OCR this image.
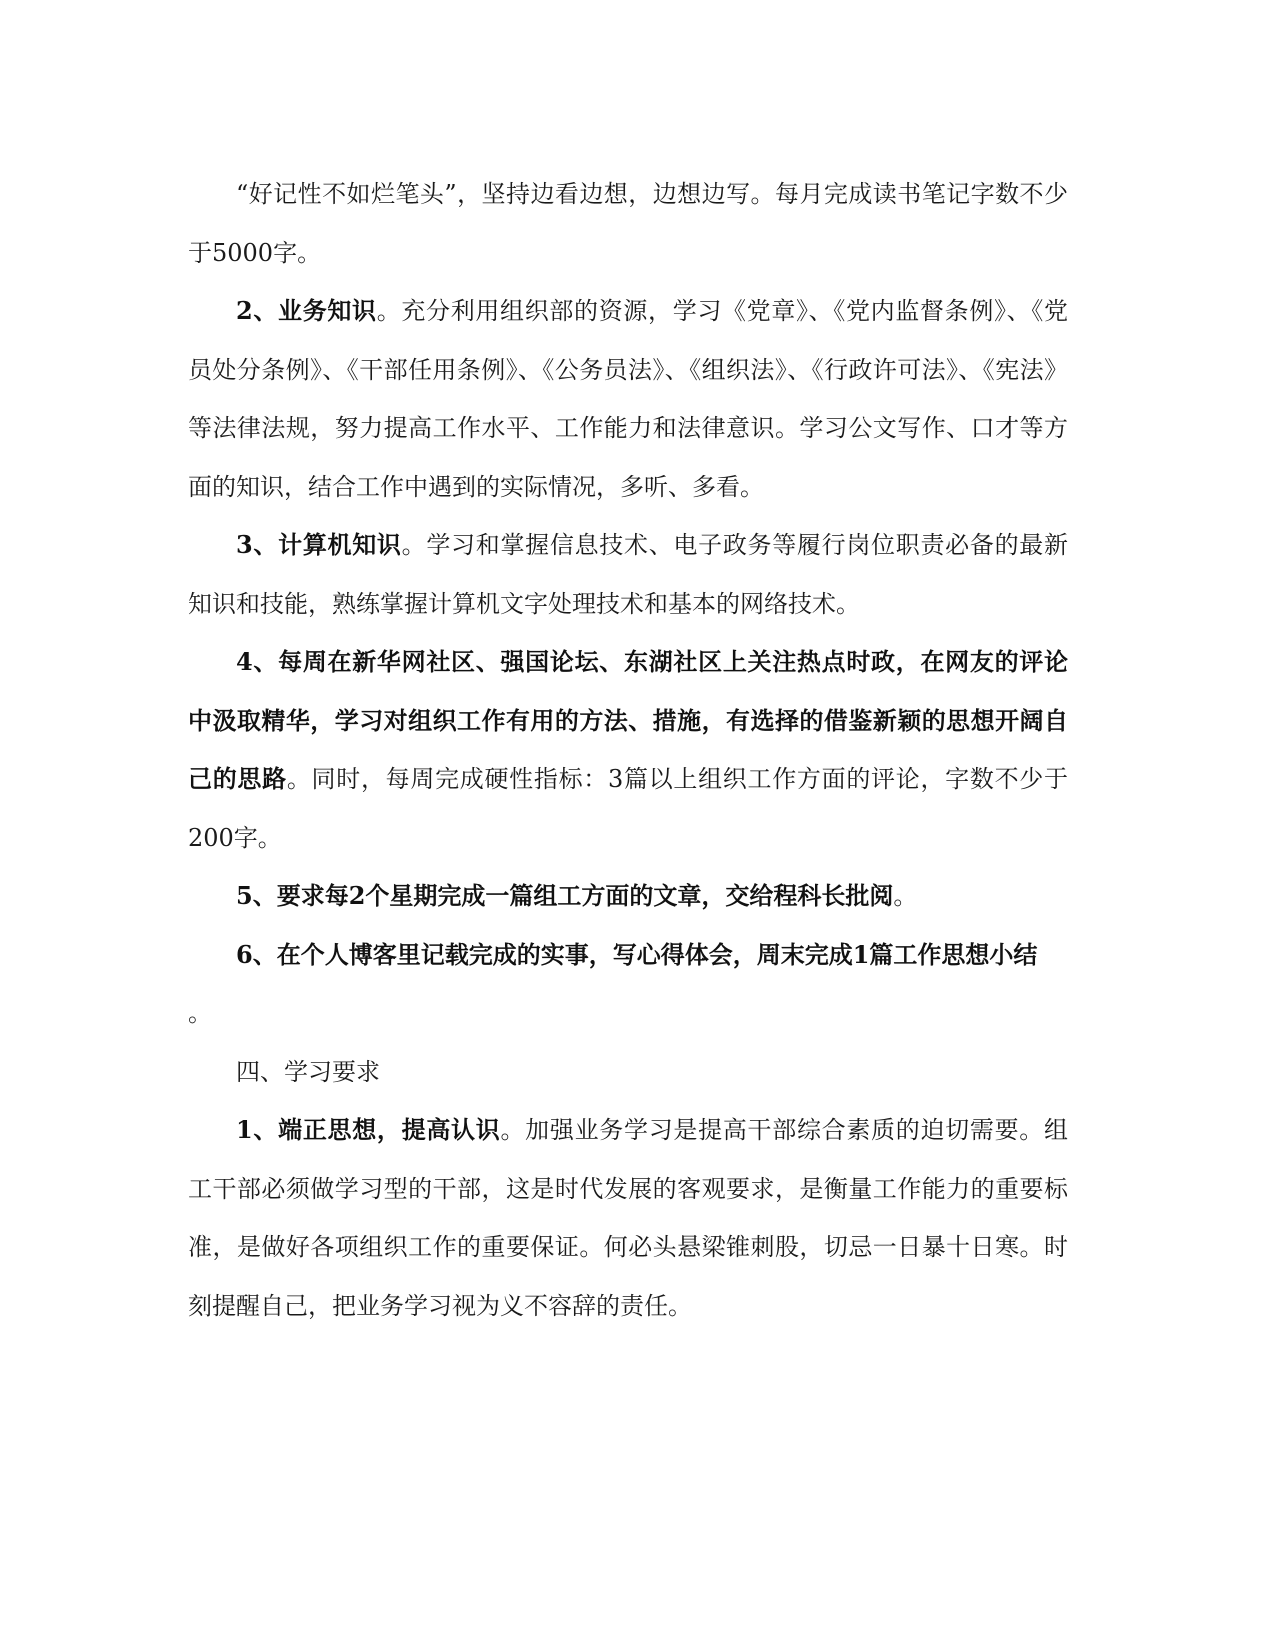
“好记性不如烂笔头”，坚持边看边想，边想边写。每月完成读书笔记字数不少于5000字。

2、业务知识。充分利用组织部的资源，学习《党章》、《党内监督条例》、《党员处分条例》、《干部任用条例》、《公务员法》、《组织法》、《行政许可法》、《宪法》等法律法规，努力提高工作水平、工作能力和法律意识。学习公文写作、口才等方面的知识，结合工作中遇到的实际情况，多听、多看。

3、计算机知识。学习和掌握信息技术、电子政务等履行岗位职责必备的最新知识和技能，熟练掌握计算机文字处理技术和基本的网络技术。

4、每周在新华网社区、强国论坛、东湖社区上关注热点时政，在网友的评论中汲取精华，学习对组织工作有用的方法、措施，有选择的借鉴新颖的思想开阔自己的思路。同时，每周完成硬性指标：3篇以上组织工作方面的评论，字数不少于200字。

5、要求每2个星期完成一篇组工方面的文章，交给程科长批阅。

6、在个人博客里记载完成的实事，写心得体会，周末完成1篇工作思想小结

。

四、学习要求

1、端正思想，提高认识。加强业务学习是提高干部综合素质的迫切需要。组工干部必须做学习型的干部，这是时代发展的客观要求，是衡量工作能力的重要标准，是做好各项组织工作的重要保证。何必头悬梁锥刺股，切忌一日暴十日寒。时刻提醒自己，把业务学习视为义不容辞的责任。
